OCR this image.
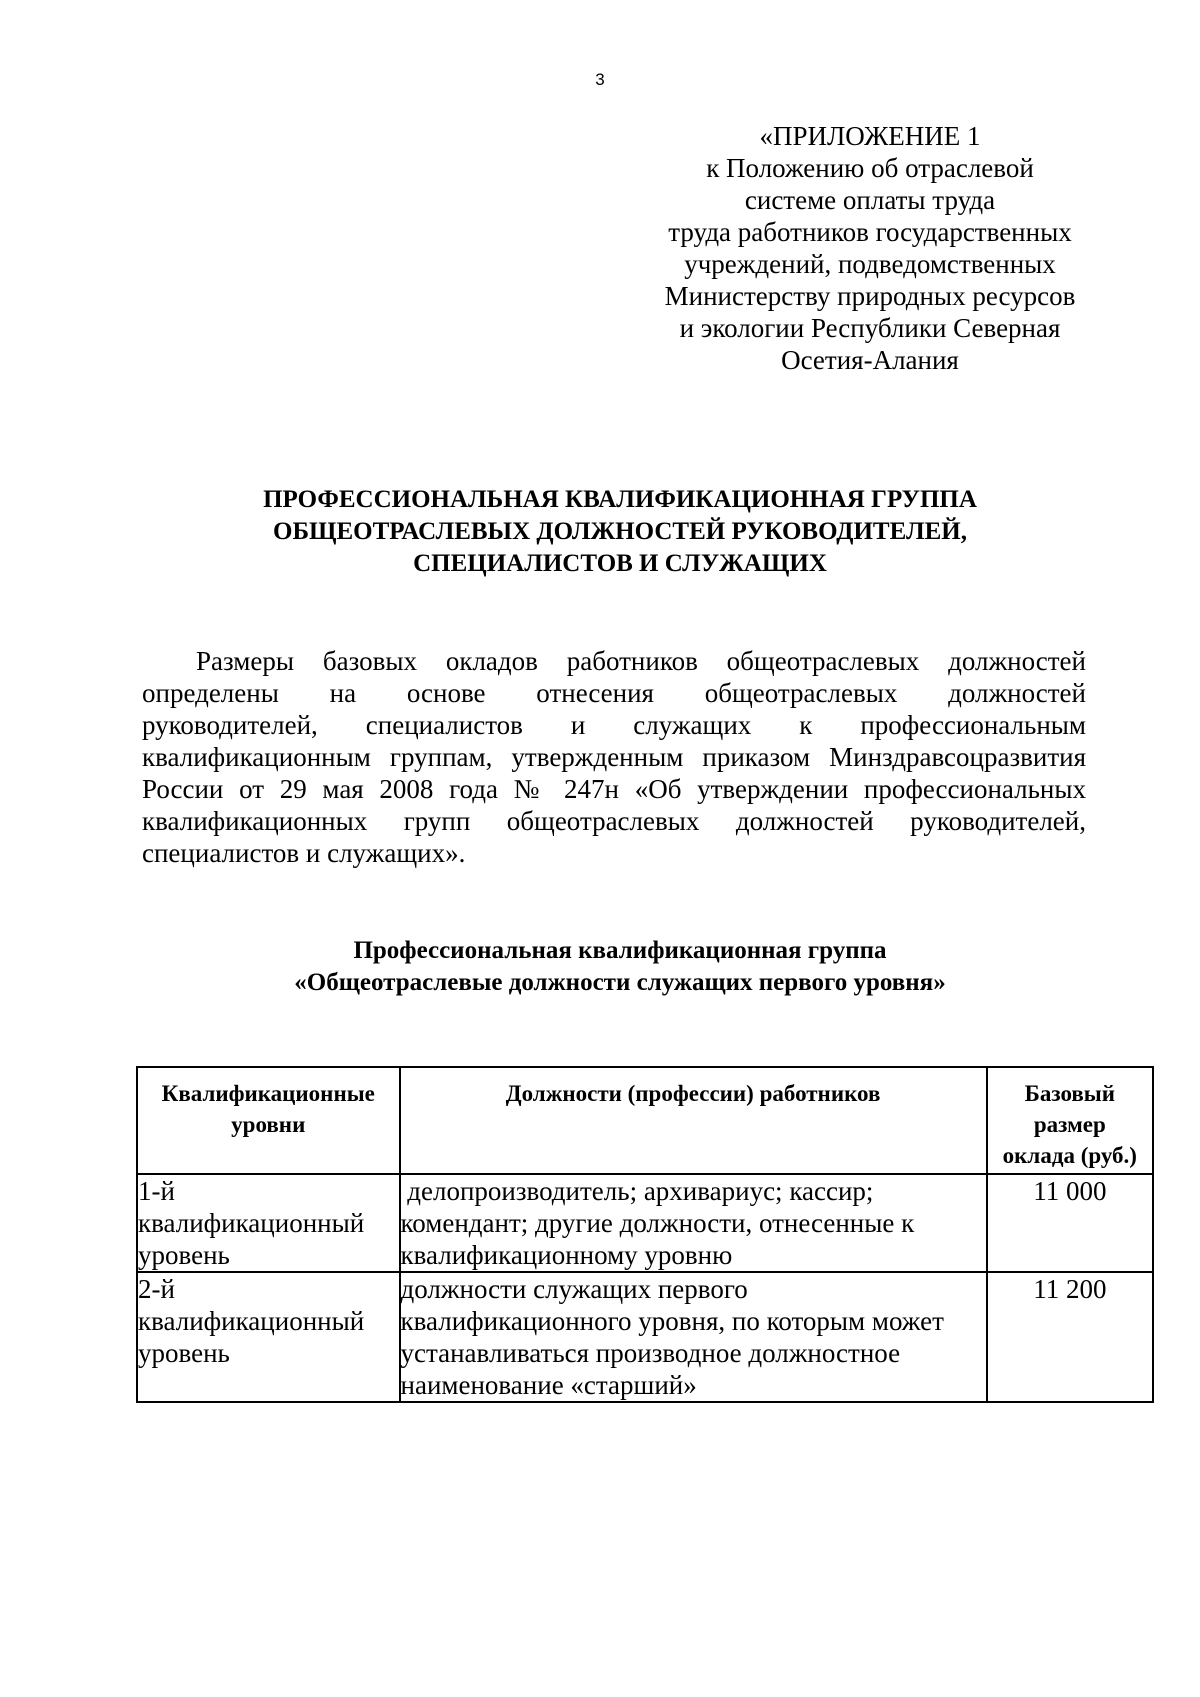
3
«ПРИЛОЖЕНИЕ 1
к Положению об отраслевой
системе оплаты труда
труда работников государственных
учреждений, подведомственных
Министерству природных ресурсов
и экологии Республики Северная
Осетия-Алания
ПРОФЕССИОНАЛЬНАЯ КВАЛИФИКАЦИОННАЯ ГРУППА
ОБЩЕОТРАСЛЕВЫХ ДОЛЖНОСТЕЙ РУКОВОДИТЕЛЕЙ,
СПЕЦИАЛИСТОВ И СЛУЖАЩИХ
Размеры базовых окладов работников общеотраслевых должностей
определены на основе отнесения общеотраслевых должностей
руководителей, специалистов и служащих к профессиональным
квалификационным группам, утвержденным приказом Минздравсоцразвития
России от 29 мая 2008 года № 247н «Об утверждении профессиональных
квалификационных групп общеотраслевых должностей руководителей,
специалистов и служащих».
Профессиональная квалификационная группа
«Общеотраслевые должности служащих первого уровня»
Квалификационные
уровни	Должности (профессии) работников	Базовый
размер
оклада (руб.)

1-й
квалификационный
уровень	делопроизводитель; архивариус; кассир;
комендант; другие должности, отнесенные к
квалификационному уровню	11 000

2-й
квалификационный
уровень	должности служащих первого
квалификационного уровня, по которым может
устанавливаться производное должностное
наименование «старший»	11 200
